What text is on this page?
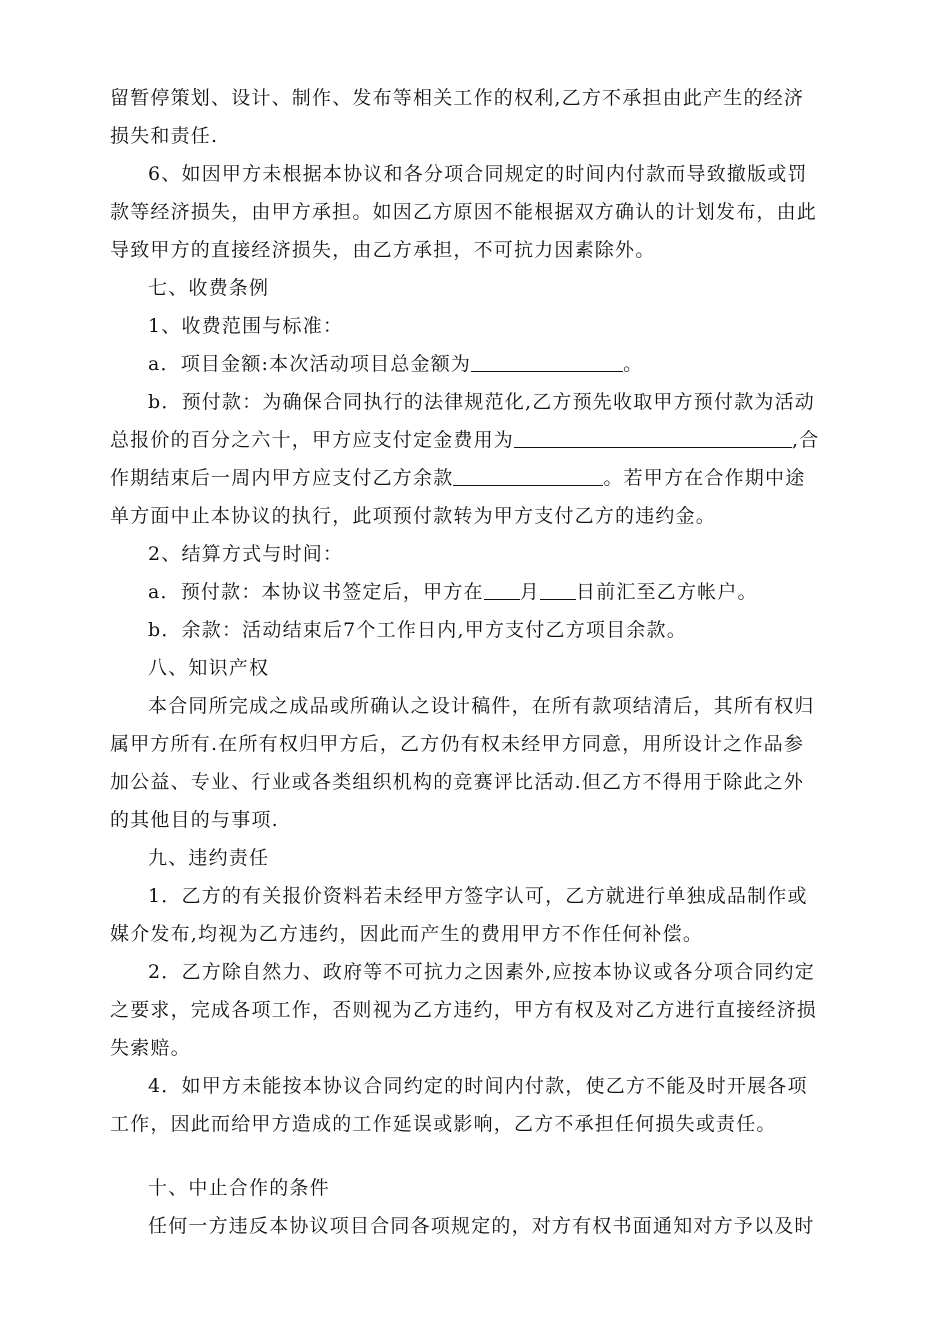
留暂停策划、设计、制作、发布等相关工作的权利,乙方不承担由此产生的经济
损失和责任.
6、如因甲方未根据本协议和各分项合同规定的时间内付款而导致撤版或罚
款等经济损失，由甲方承担。如因乙方原因不能根据双方确认的计划发布，由此
导致甲方的直接经济损失，由乙方承担，不可抗力因素除外。
七、收费条例
1、收费范围与标准：
a．项目金额:本次活动项目总金额为	。
b．预付款：为确保合同执行的法律规范化,乙方预先收取甲方预付款为活动
总报价的百分之六十，甲方应支付定金费用为	,合
作期结束后一周内甲方应支付乙方余款	。若甲方在合作期中途
单方面中止本协议的执行，此项预付款转为甲方支付乙方的违约金。
2、结算方式与时间：
a．预付款：本协议书签定后，甲方在 月 日前汇至乙方帐户。
b．余款：活动结束后7个工作日内,甲方支付乙方项目余款。
八、知识产权
本合同所完成之成品或所确认之设计稿件，在所有款项结清后，其所有权归
属甲方所有.在所有权归甲方后，乙方仍有权未经甲方同意，用所设计之作品参
加公益、专业、行业或各类组织机构的竞赛评比活动.但乙方不得用于除此之外
的其他目的与事项.
九、违约责任
1．乙方的有关报价资料若未经甲方签字认可，乙方就进行单独成品制作或
媒介发布,均视为乙方违约，因此而产生的费用甲方不作任何补偿。
2．乙方除自然力、政府等不可抗力之因素外,应按本协议或各分项合同约定
之要求，完成各项工作，否则视为乙方违约，甲方有权及对乙方进行直接经济损
失索赔。
4．如甲方未能按本协议合同约定的时间内付款，使乙方不能及时开展各项
工作，因此而给甲方造成的工作延误或影响，乙方不承担任何损失或责任。
十、中止合作的条件
任何一方违反本协议项目合同各项规定的，对方有权书面通知对方予以及时
